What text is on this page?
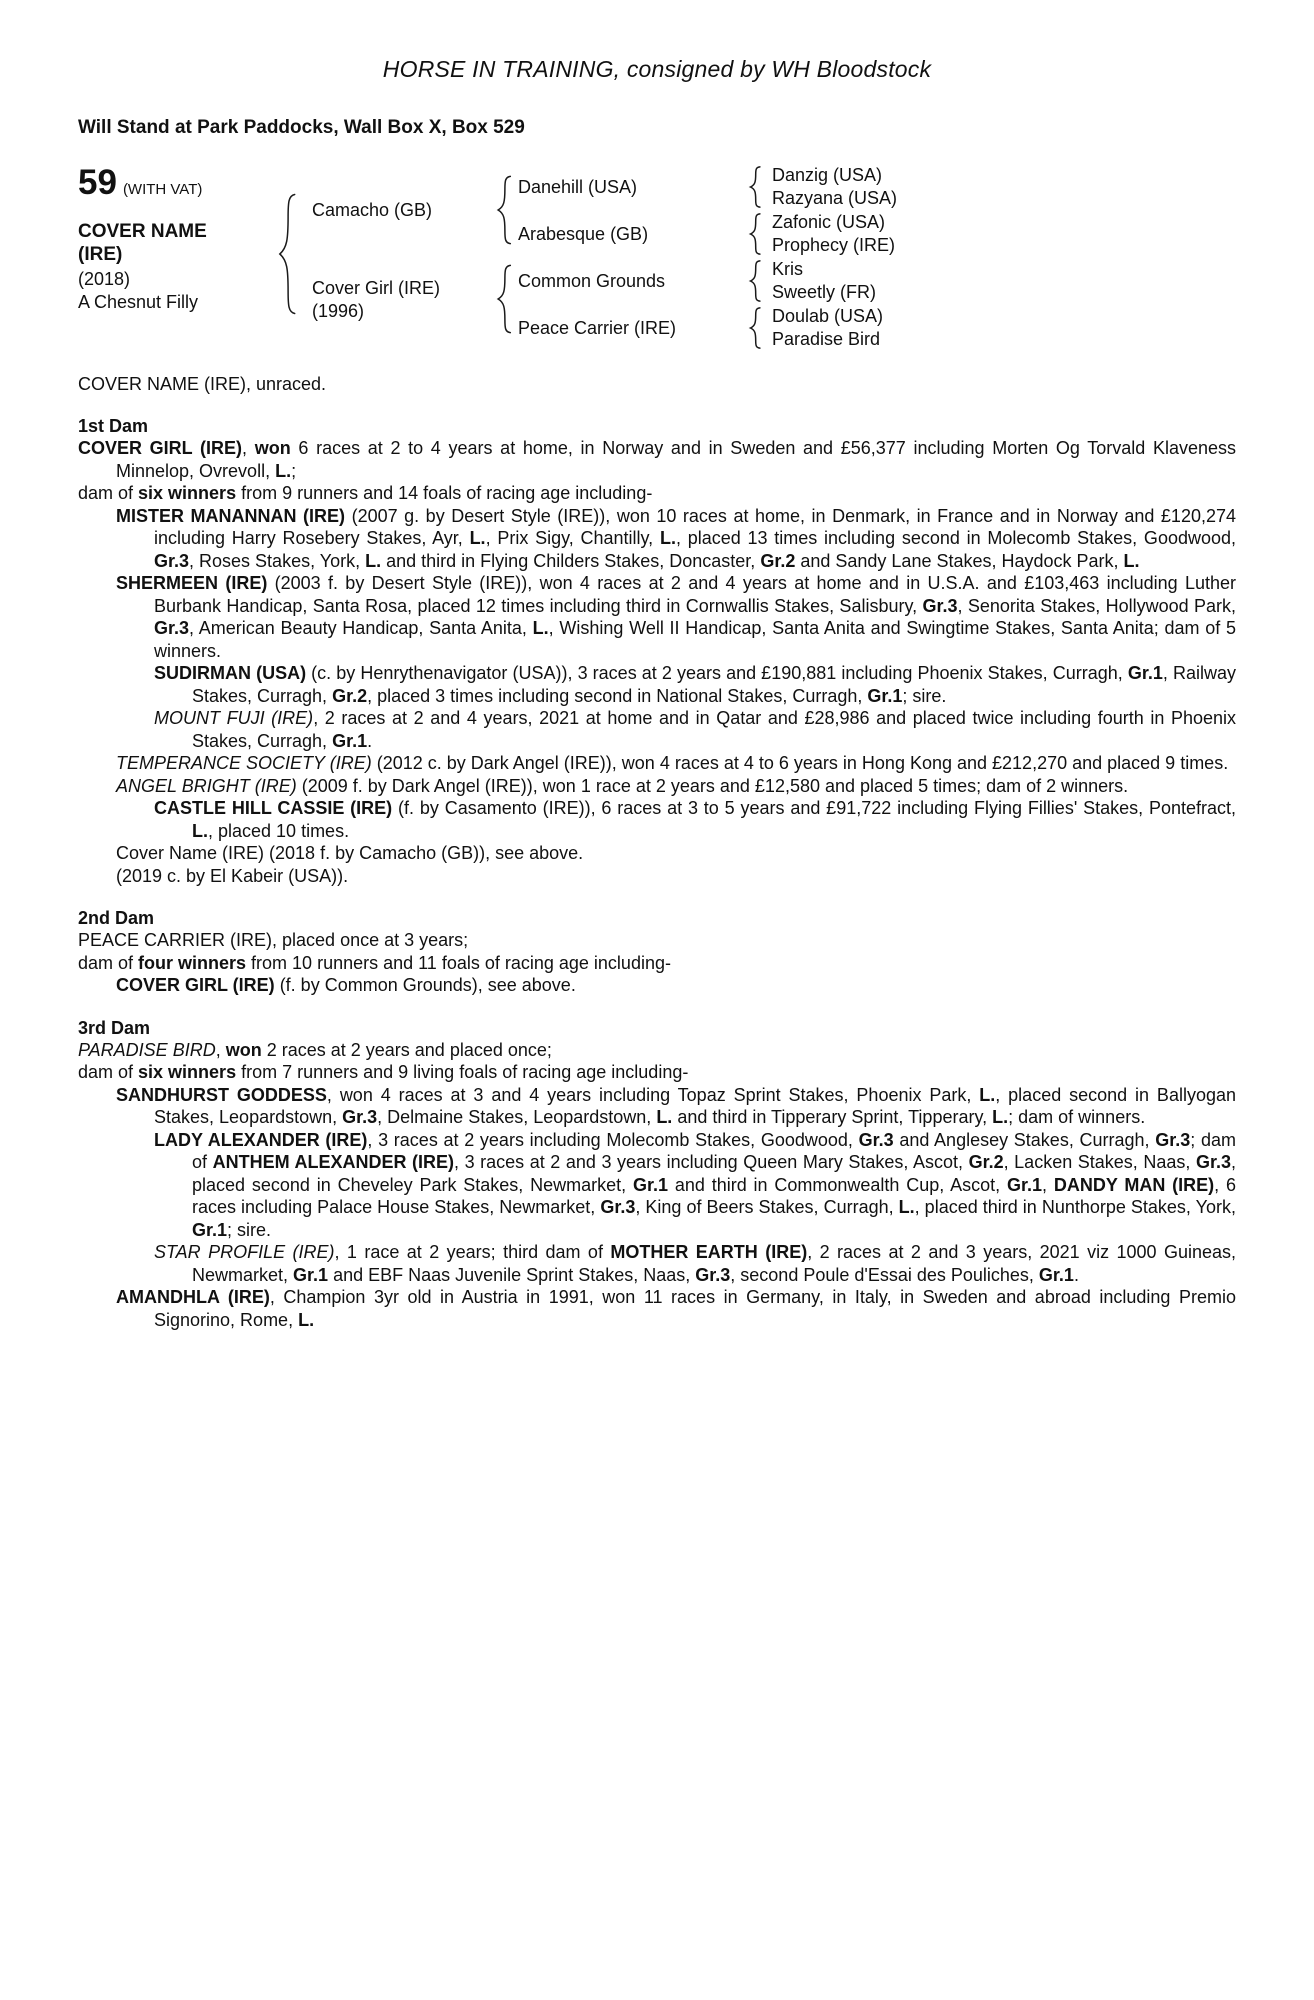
HORSE IN TRAINING, consigned by WH Bloodstock
Will Stand at Park Paddocks, Wall Box X, Box 529
59 (WITH VAT)
COVER NAME
(IRE)
(2018)
A Chesnut Filly
Camacho (GB)
Cover Girl (IRE)
(1996)
Danehill (USA)
Arabesque (GB)
Common Grounds
Peace Carrier (IRE)
Danzig (USA)
Razyana (USA)
Zafonic (USA)
Prophecy (IRE)
Kris
Sweetly (FR)
Doulab (USA)
Paradise Bird
COVER NAME (IRE), unraced.
1st Dam

COVER GIRL (IRE), won 6 races at 2 to 4 years at home, in Norway and in Sweden and £56,377 including Morten Og Torvald Klaveness Minnelop, Ovrevoll, L.;

dam of six winners from 9 runners and 14 foals of racing age including-

MISTER MANANNAN (IRE) (2007 g. by Desert Style (IRE)), won 10 races at home, in Denmark, in France and in Norway and £120,274 including Harry Rosebery Stakes, Ayr, L., Prix Sigy, Chantilly, L., placed 13 times including second in Molecomb Stakes, Goodwood, Gr.3, Roses Stakes, York, L. and third in Flying Childers Stakes, Doncaster, Gr.2 and Sandy Lane Stakes, Haydock Park, L.

SHERMEEN (IRE) (2003 f. by Desert Style (IRE)), won 4 races at 2 and 4 years at home and in U.S.A. and £103,463 including Luther Burbank Handicap, Santa Rosa, placed 12 times including third in Cornwallis Stakes, Salisbury, Gr.3, Senorita Stakes, Hollywood Park, Gr.3, American Beauty Handicap, Santa Anita, L., Wishing Well II Handicap, Santa Anita and Swingtime Stakes, Santa Anita; dam of 5 winners.

SUDIRMAN (USA) (c. by Henrythenavigator (USA)), 3 races at 2 years and £190,881 including Phoenix Stakes, Curragh, Gr.1, Railway Stakes, Curragh, Gr.2, placed 3 times including second in National Stakes, Curragh, Gr.1; sire.

MOUNT FUJI (IRE), 2 races at 2 and 4 years, 2021 at home and in Qatar and £28,986 and placed twice including fourth in Phoenix Stakes, Curragh, Gr.1.

TEMPERANCE SOCIETY (IRE) (2012 c. by Dark Angel (IRE)), won 4 races at 4 to 6 years in Hong Kong and £212,270 and placed 9 times.

ANGEL BRIGHT (IRE) (2009 f. by Dark Angel (IRE)), won 1 race at 2 years and £12,580 and placed 5 times; dam of 2 winners.

CASTLE HILL CASSIE (IRE) (f. by Casamento (IRE)), 6 races at 3 to 5 years and £91,722 including Flying Fillies' Stakes, Pontefract, L., placed 10 times.

Cover Name (IRE) (2018 f. by Camacho (GB)), see above.

(2019 c. by El Kabeir (USA)).

2nd Dam

PEACE CARRIER (IRE), placed once at 3 years;

dam of four winners from 10 runners and 11 foals of racing age including-

COVER GIRL (IRE) (f. by Common Grounds), see above.

3rd Dam

PARADISE BIRD, won 2 races at 2 years and placed once;

dam of six winners from 7 runners and 9 living foals of racing age including-

SANDHURST GODDESS, won 4 races at 3 and 4 years including Topaz Sprint Stakes, Phoenix Park, L., placed second in Ballyogan Stakes, Leopardstown, Gr.3, Delmaine Stakes, Leopardstown, L. and third in Tipperary Sprint, Tipperary, L.; dam of winners.

LADY ALEXANDER (IRE), 3 races at 2 years including Molecomb Stakes, Goodwood, Gr.3 and Anglesey Stakes, Curragh, Gr.3; dam of ANTHEM ALEXANDER (IRE), 3 races at 2 and 3 years including Queen Mary Stakes, Ascot, Gr.2, Lacken Stakes, Naas, Gr.3, placed second in Cheveley Park Stakes, Newmarket, Gr.1 and third in Commonwealth Cup, Ascot, Gr.1, DANDY MAN (IRE), 6 races including Palace House Stakes, Newmarket, Gr.3, King of Beers Stakes, Curragh, L., placed third in Nunthorpe Stakes, York, Gr.1; sire.

STAR PROFILE (IRE), 1 race at 2 years; third dam of MOTHER EARTH (IRE), 2 races at 2 and 3 years, 2021 viz 1000 Guineas, Newmarket, Gr.1 and EBF Naas Juvenile Sprint Stakes, Naas, Gr.3, second Poule d'Essai des Pouliches, Gr.1.

AMANDHLA (IRE), Champion 3yr old in Austria in 1991, won 11 races in Germany, in Italy, in Sweden and abroad including Premio Signorino, Rome, L.
